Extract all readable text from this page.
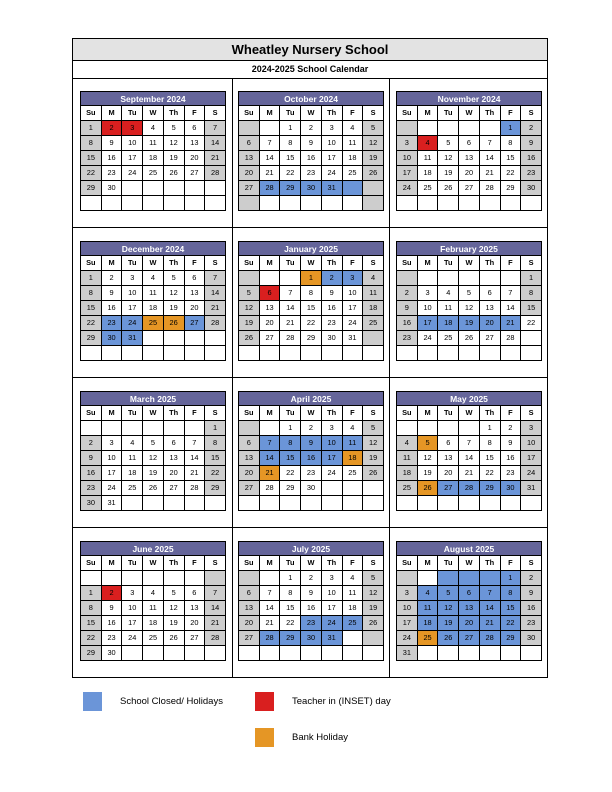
Wheatley Nursery School
2024-2025 School Calendar
September 2024
Su	M	Tu	W	Th	F	S
1	2	3	4	5	6	7
8	9	10	11	12	13	14
15	16	17	18	19	20	21
22	23	24	25	26	27	28
29	30					

October 2024
Su	M	Tu	W	Th	F	S
		1	2	3	4	5
6	7	8	9	10	11	12
13	14	15	16	17	18	19
20	21	22	23	24	25	26
27	28	29	30	31		

November 2024
Su	M	Tu	W	Th	F	S
					1	2
3	4	5	6	7	8	9
10	11	12	13	14	15	16
17	18	19	20	21	22	23
24	25	26	27	28	29	30

December 2024
Su	M	Tu	W	Th	F	S
1	2	3	4	5	6	7
8	9	10	11	12	13	14
15	16	17	18	19	20	21
22	23	24	25	26	27	28
29	30	31				

January 2025
Su	M	Tu	W	Th	F	S
			1	2	3	4
5	6	7	8	9	10	11
12	13	14	15	16	17	18
19	20	21	22	23	24	25
26	27	28	29	30	31	

February 2025
Su	M	Tu	W	Th	F	S
						1
2	3	4	5	6	7	8
9	10	11	12	13	14	15
16	17	18	19	20	21	22
23	24	25	26	27	28	

March 2025
Su	M	Tu	W	Th	F	S
						1
2	3	4	5	6	7	8
9	10	11	12	13	14	15
16	17	18	19	20	21	22
23	24	25	26	27	28	29
30	31					
April 2025
Su	M	Tu	W	Th	F	S
		1	2	3	4	5
6	7	8	9	10	11	12
13	14	15	16	17	18	19
20	21	22	23	24	25	26
27	28	29	30			

May 2025
Su	M	Tu	W	Th	F	S
				1	2	3
4	5	6	7	8	9	10
11	12	13	14	15	16	17
18	19	20	21	22	23	24
25	26	27	28	29	30	31

June 2025
Su	M	Tu	W	Th	F	S

1	2	3	4	5	6	7
8	9	10	11	12	13	14
15	16	17	18	19	20	21
22	23	24	25	26	27	28
29	30					
July 2025
Su	M	Tu	W	Th	F	S
		1	2	3	4	5
6	7	8	9	10	11	12
13	14	15	16	17	18	19
20	21	22	23	24	25	26
27	28	29	30	31		

August 2025
Su	M	Tu	W	Th	F	S
					1	2
3	4	5	6	7	8	9
10	11	12	13	14	15	16
17	18	19	20	21	22	23
24	25	26	27	28	29	30
31						
School Closed/ Holidays	Teacher in (INSET) day
Bank Holiday
